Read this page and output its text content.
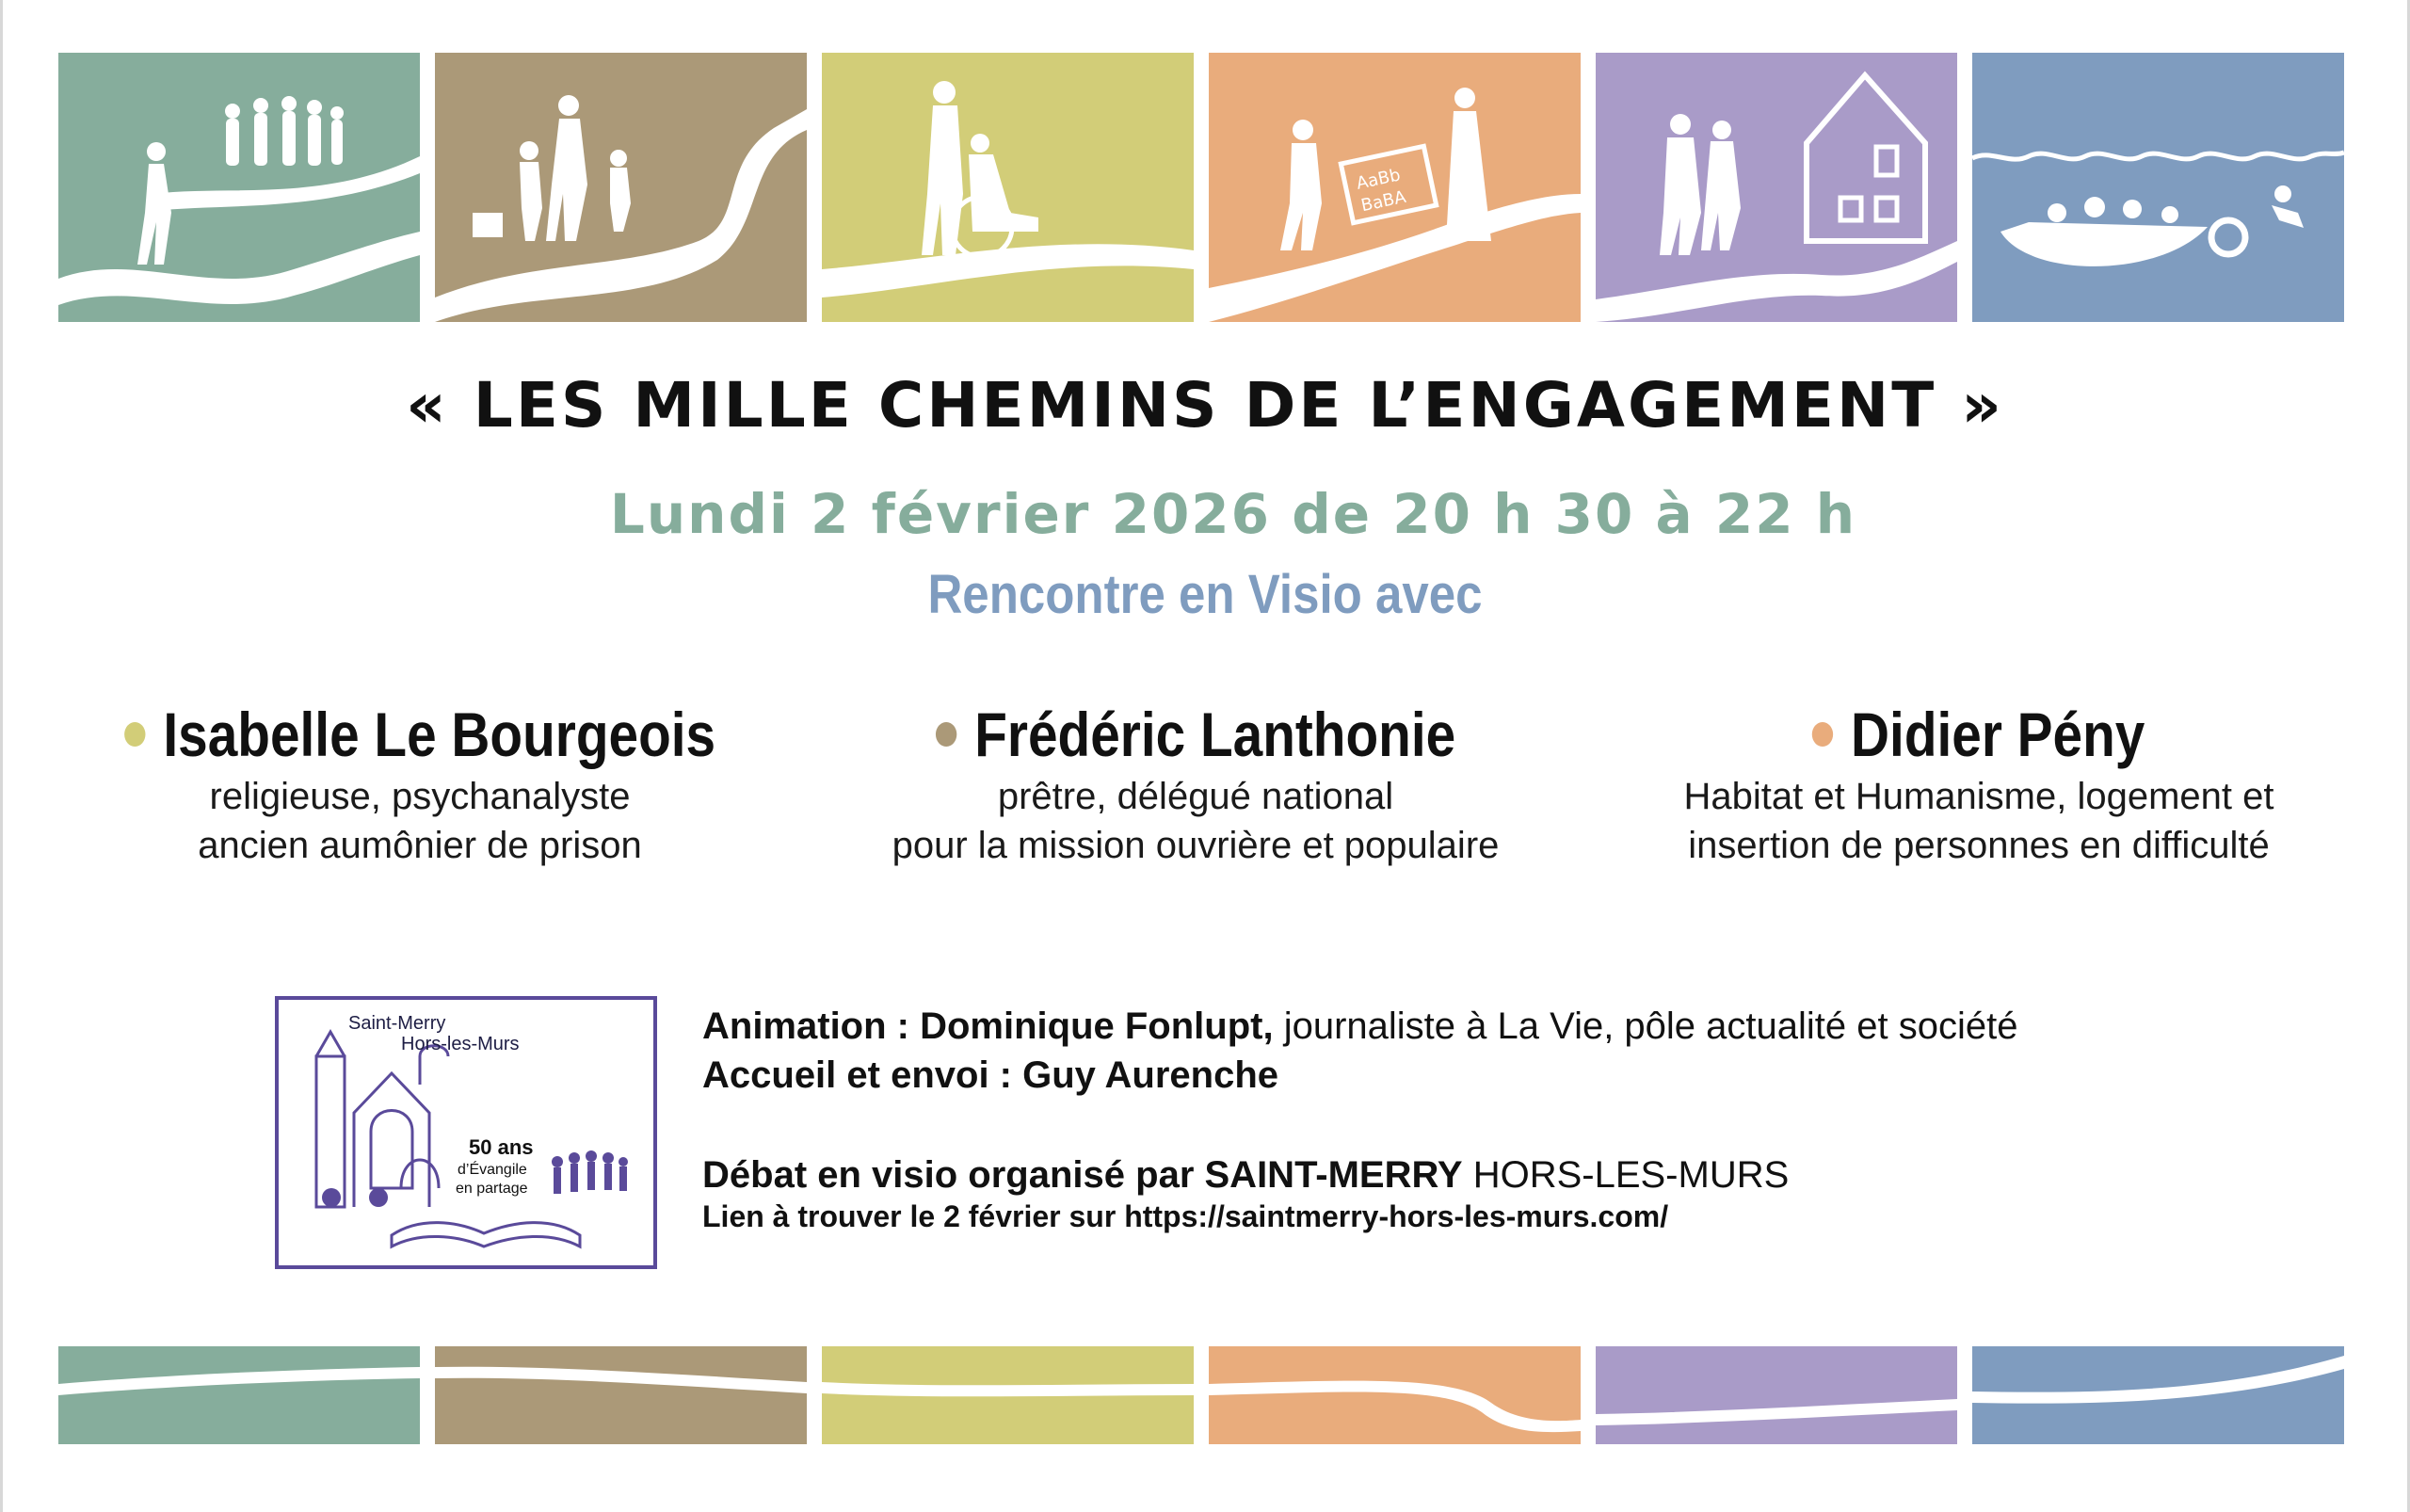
AaBb
BaBA
« LES MILLE CHEMINS DE L’ENGAGEMENT »
Lundi 2 février 2026 de 20 h 30 à 22 h
Rencontre en Visio avec
Isabelle Le Bourgeois
religieuse, psychanalyste
ancien aumônier de prison
Frédéric Lanthonie
prêtre, délégué national
pour la mission ouvrière et populaire
Didier Pény
Habitat et Humanisme, logement et
insertion de personnes en difficulté
Saint-Merry
Hors-les-Murs
50 ans
d’Évangile
en partage
Animation : Dominique Fonlupt, journaliste à La Vie, pôle actualité et société
Accueil et envoi : Guy Aurenche
Débat en visio organisé par SAINT-MERRY HORS-LES-MURS
Lien à trouver le 2 février sur https://saintmerry-hors-les-murs.com/
